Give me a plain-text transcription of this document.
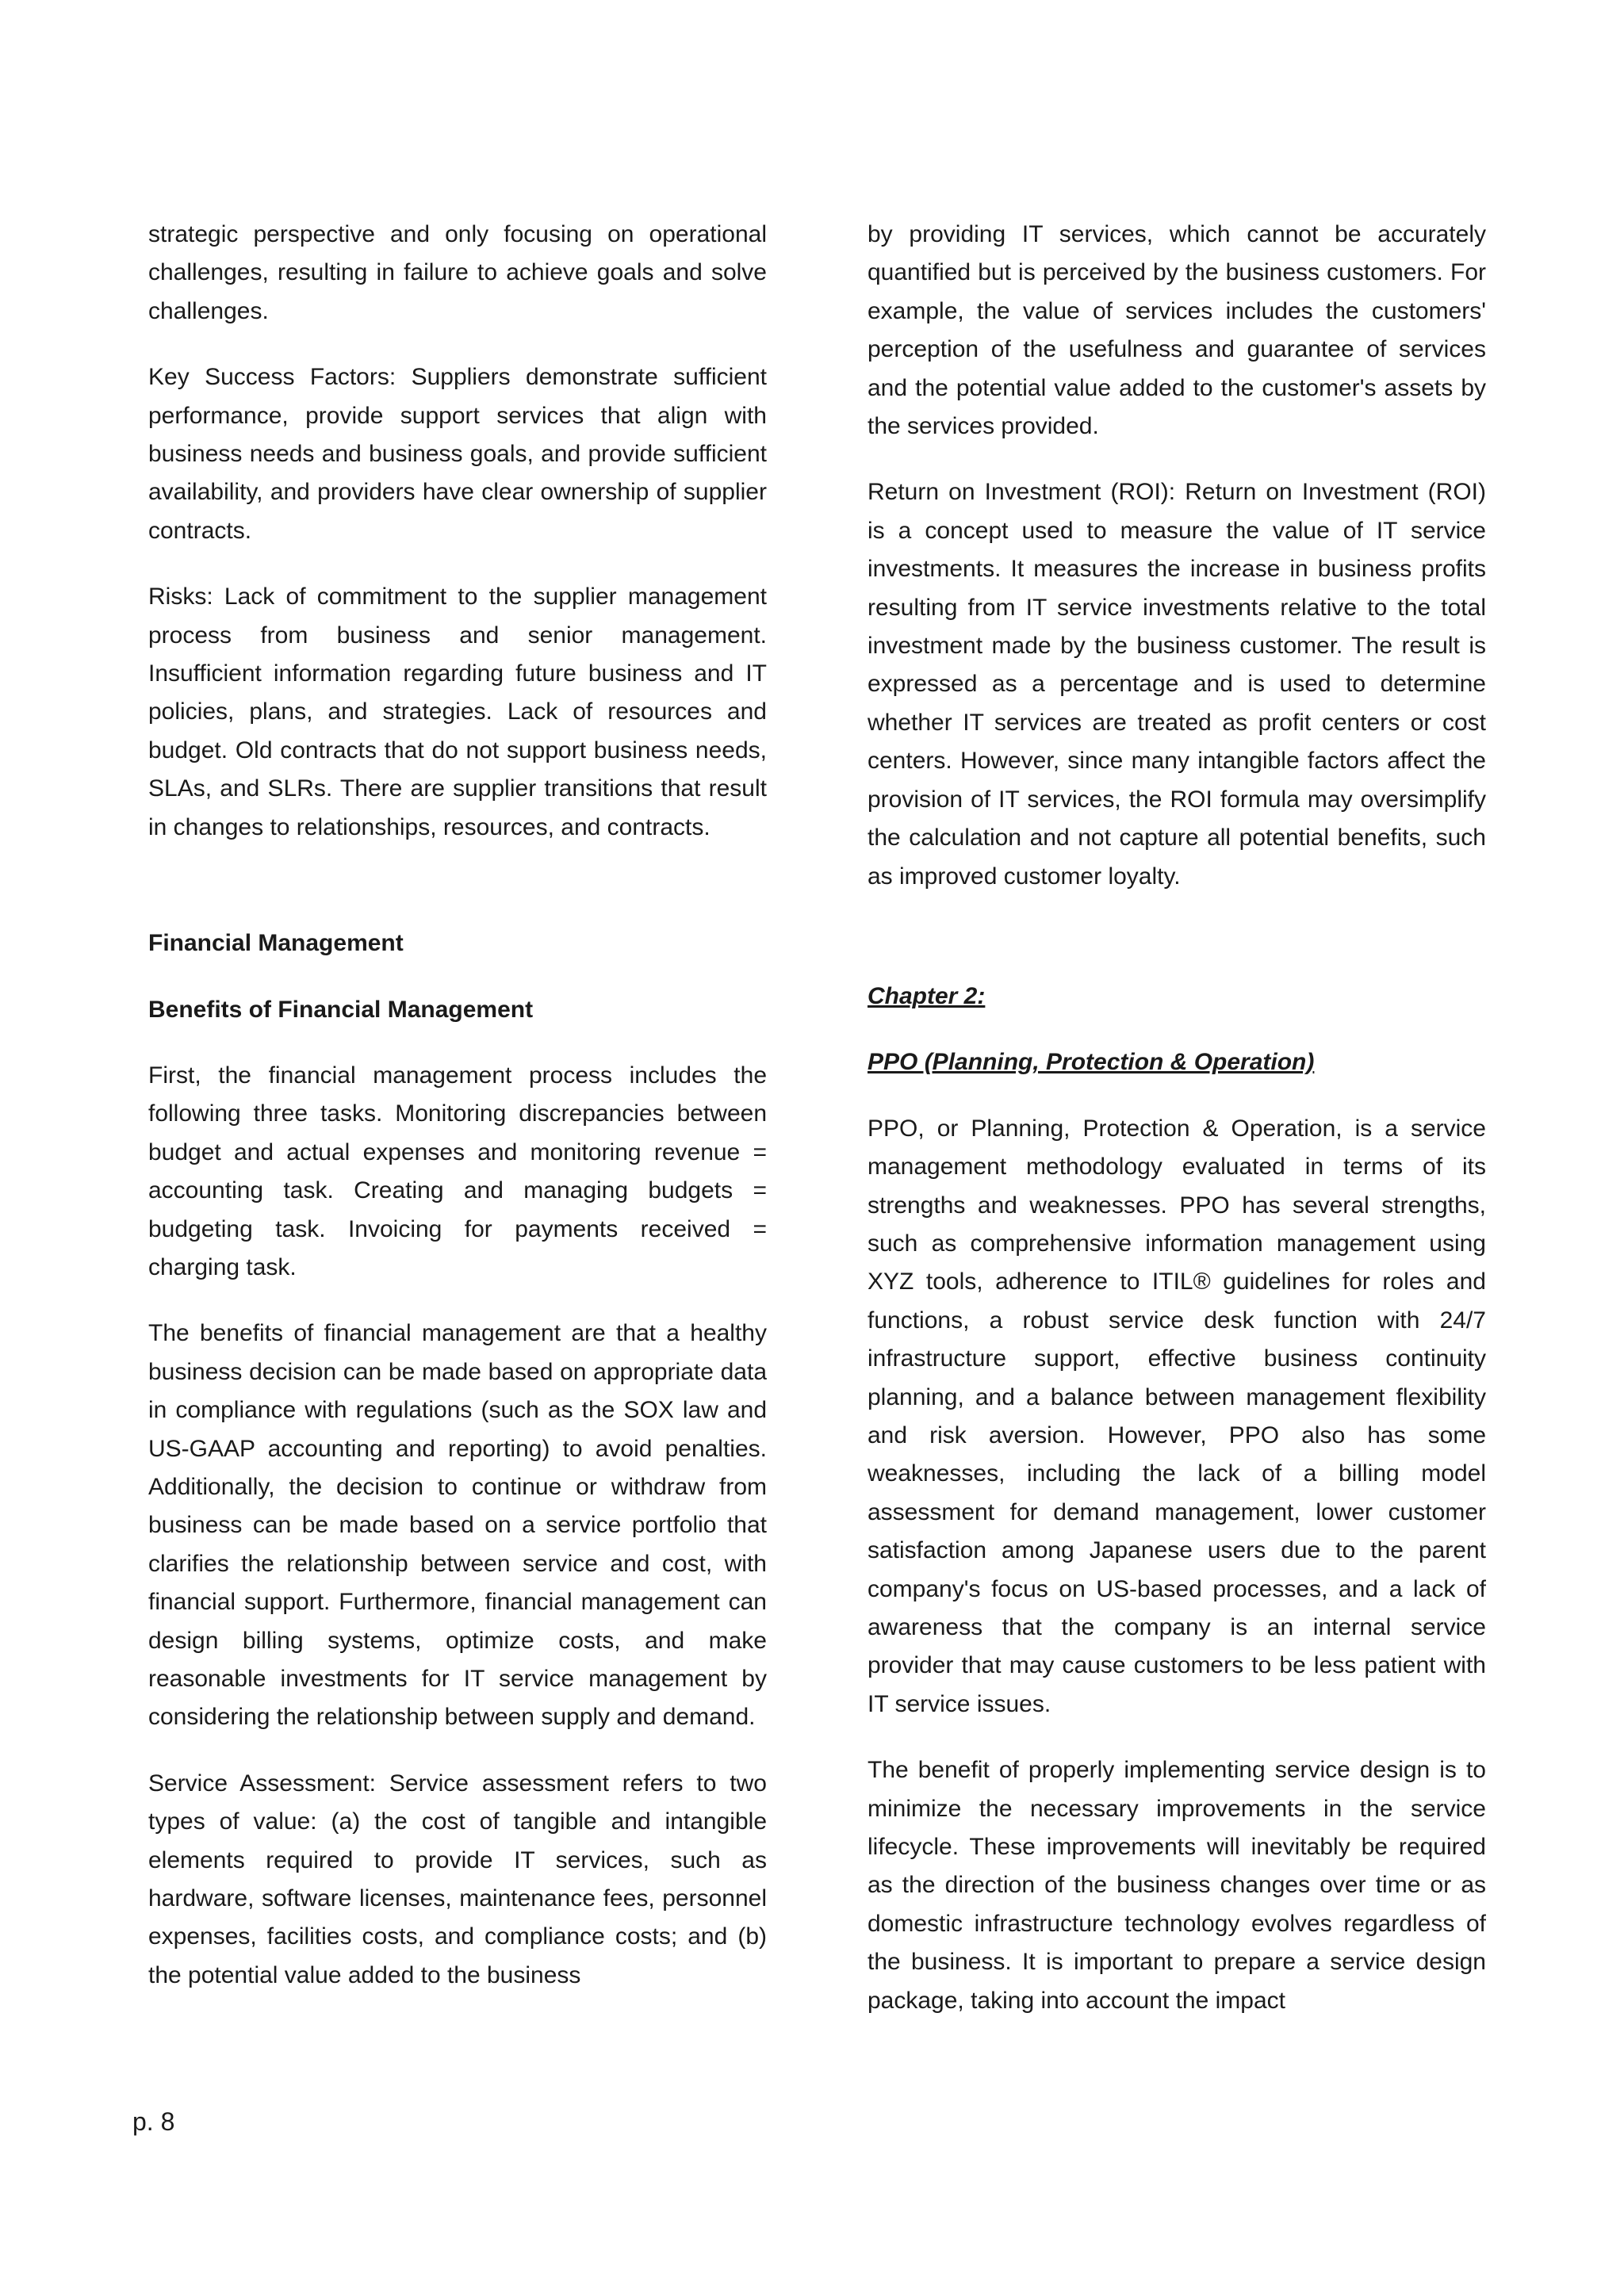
strategic perspective and only focusing on operational challenges, resulting in failure to achieve goals and solve challenges.

Key Success Factors: Suppliers demonstrate sufficient performance, provide support services that align with business needs and business goals, and provide sufficient availability, and providers have clear ownership of supplier contracts.

Risks: Lack of commitment to the supplier management process from business and senior management. Insufficient information regarding future business and IT policies, plans, and strategies. Lack of resources and budget. Old contracts that do not support business needs, SLAs, and SLRs. There are supplier transitions that result in changes to relationships, resources, and contracts.

Financial Management
Benefits of Financial Management

First, the financial management process includes the following three tasks. Monitoring discrepancies between budget and actual expenses and monitoring revenue = accounting task. Creating and managing budgets = budgeting task. Invoicing for payments received = charging task.

The benefits of financial management are that a healthy business decision can be made based on appropriate data in compliance with regulations (such as the SOX law and US-GAAP accounting and reporting) to avoid penalties. Additionally, the decision to continue or withdraw from business can be made based on a service portfolio that clarifies the relationship between service and cost, with financial support. Furthermore, financial management can design billing systems, optimize costs, and make reasonable investments for IT service management by considering the relationship between supply and demand.

Service Assessment: Service assessment refers to two types of value: (a) the cost of tangible and intangible elements required to provide IT services, such as hardware, software licenses, maintenance fees, personnel expenses, facilities costs, and compliance costs; and (b) the potential value added to the business

by providing IT services, which cannot be accurately quantified but is perceived by the business customers. For example, the value of services includes the customers' perception of the usefulness and guarantee of services and the potential value added to the customer's assets by the services provided.

Return on Investment (ROI): Return on Investment (ROI) is a concept used to measure the value of IT service investments. It measures the increase in business profits resulting from IT service investments relative to the total investment made by the business customer. The result is expressed as a percentage and is used to determine whether IT services are treated as profit centers or cost centers. However, since many intangible factors affect the provision of IT services, the ROI formula may oversimplify the calculation and not capture all potential benefits, such as improved customer loyalty.

Chapter 2:
PPO (Planning, Protection & Operation)

PPO, or Planning, Protection & Operation, is a service management methodology evaluated in terms of its strengths and weaknesses. PPO has several strengths, such as comprehensive information management using XYZ tools, adherence to ITIL® guidelines for roles and functions, a robust service desk function with 24/7 infrastructure support, effective business continuity planning, and a balance between management flexibility and risk aversion. However, PPO also has some weaknesses, including the lack of a billing model assessment for demand management, lower customer satisfaction among Japanese users due to the parent company's focus on US-based processes, and a lack of awareness that the company is an internal service provider that may cause customers to be less patient with IT service issues.

The benefit of properly implementing service design is to minimize the necessary improvements in the service lifecycle. These improvements will inevitably be required as the direction of the business changes over time or as domestic infrastructure technology evolves regardless of the business. It is important to prepare a service design package, taking into account the impact

p. 8
